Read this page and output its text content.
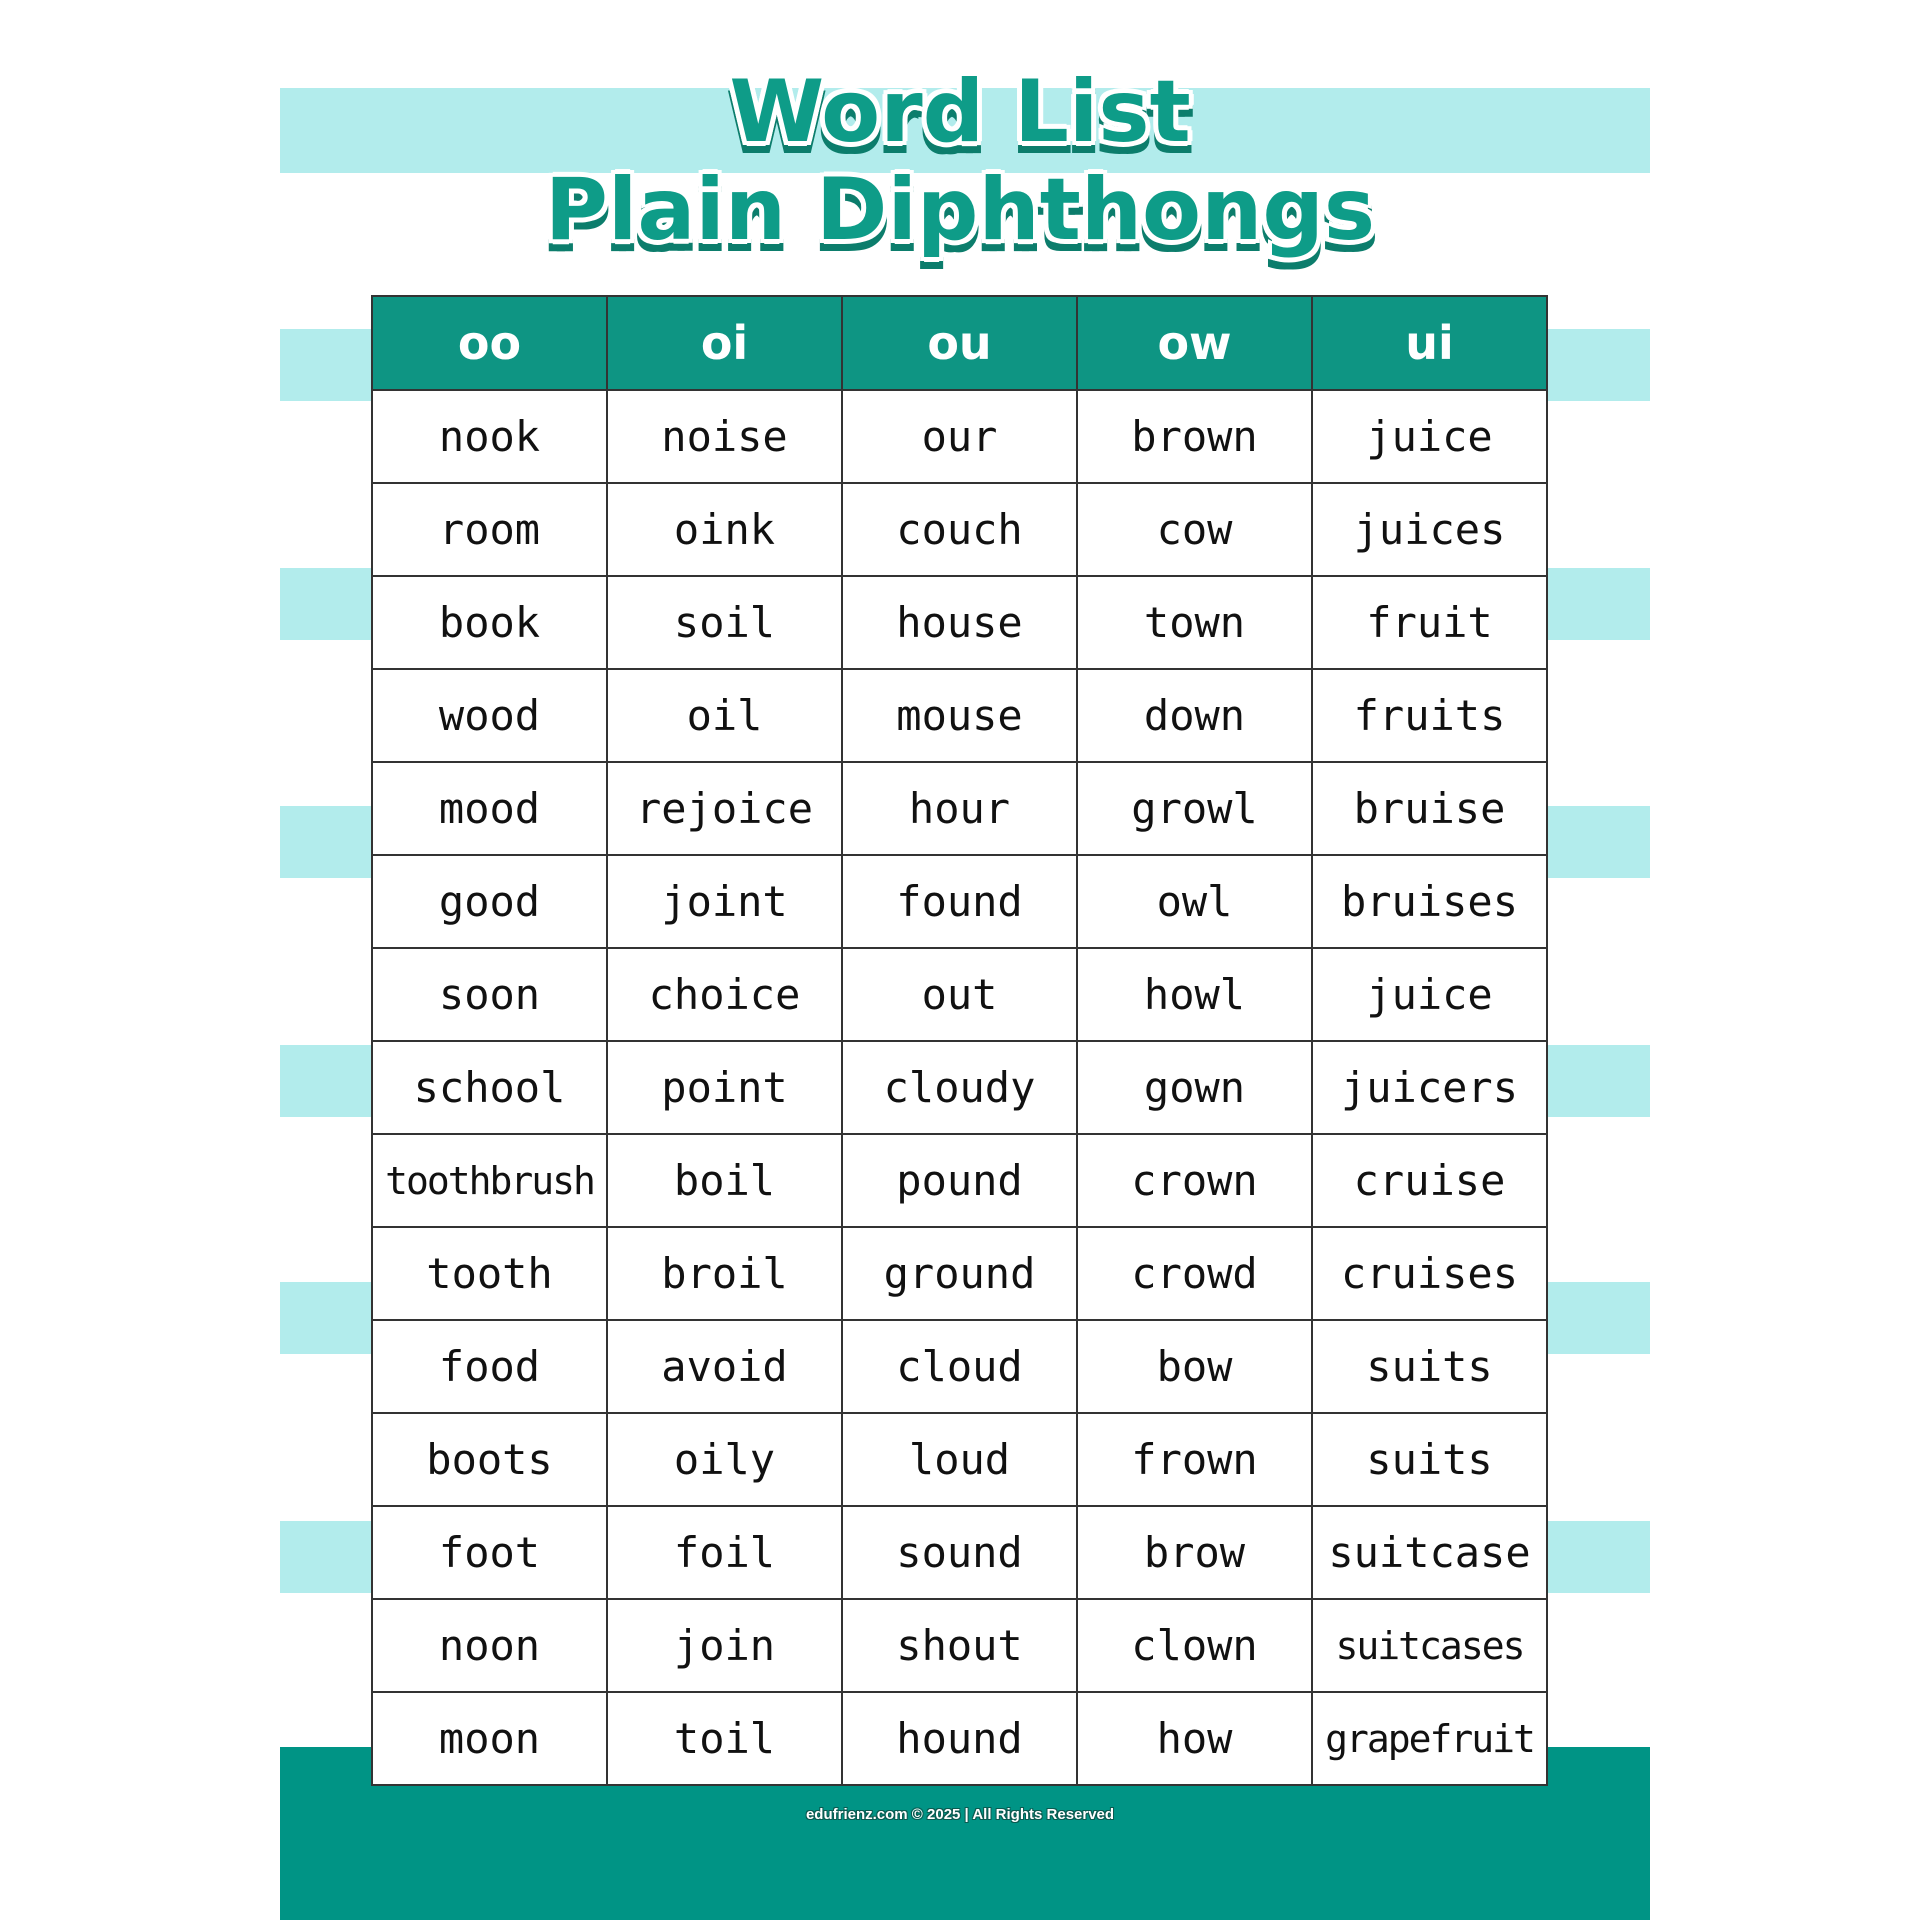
Word List
Plain Diphthongs
oo	oi	ou	ow	ui
nook	noise	our	brown	juice
room	oink	couch	cow	juices
book	soil	house	town	fruit
wood	oil	mouse	down	fruits
mood	rejoice	hour	growl	bruise
good	joint	found	owl	bruises
soon	choice	out	howl	juice
school	point	cloudy	gown	juicers
toothbrush	boil	pound	crown	cruise
tooth	broil	ground	crowd	cruises
food	avoid	cloud	bow	suits
boots	oily	loud	frown	suits
foot	foil	sound	brow	suitcase
noon	join	shout	clown	suitcases
moon	toil	hound	how	grapefruit
edufrienz.com © 2025 | All Rights Reserved
